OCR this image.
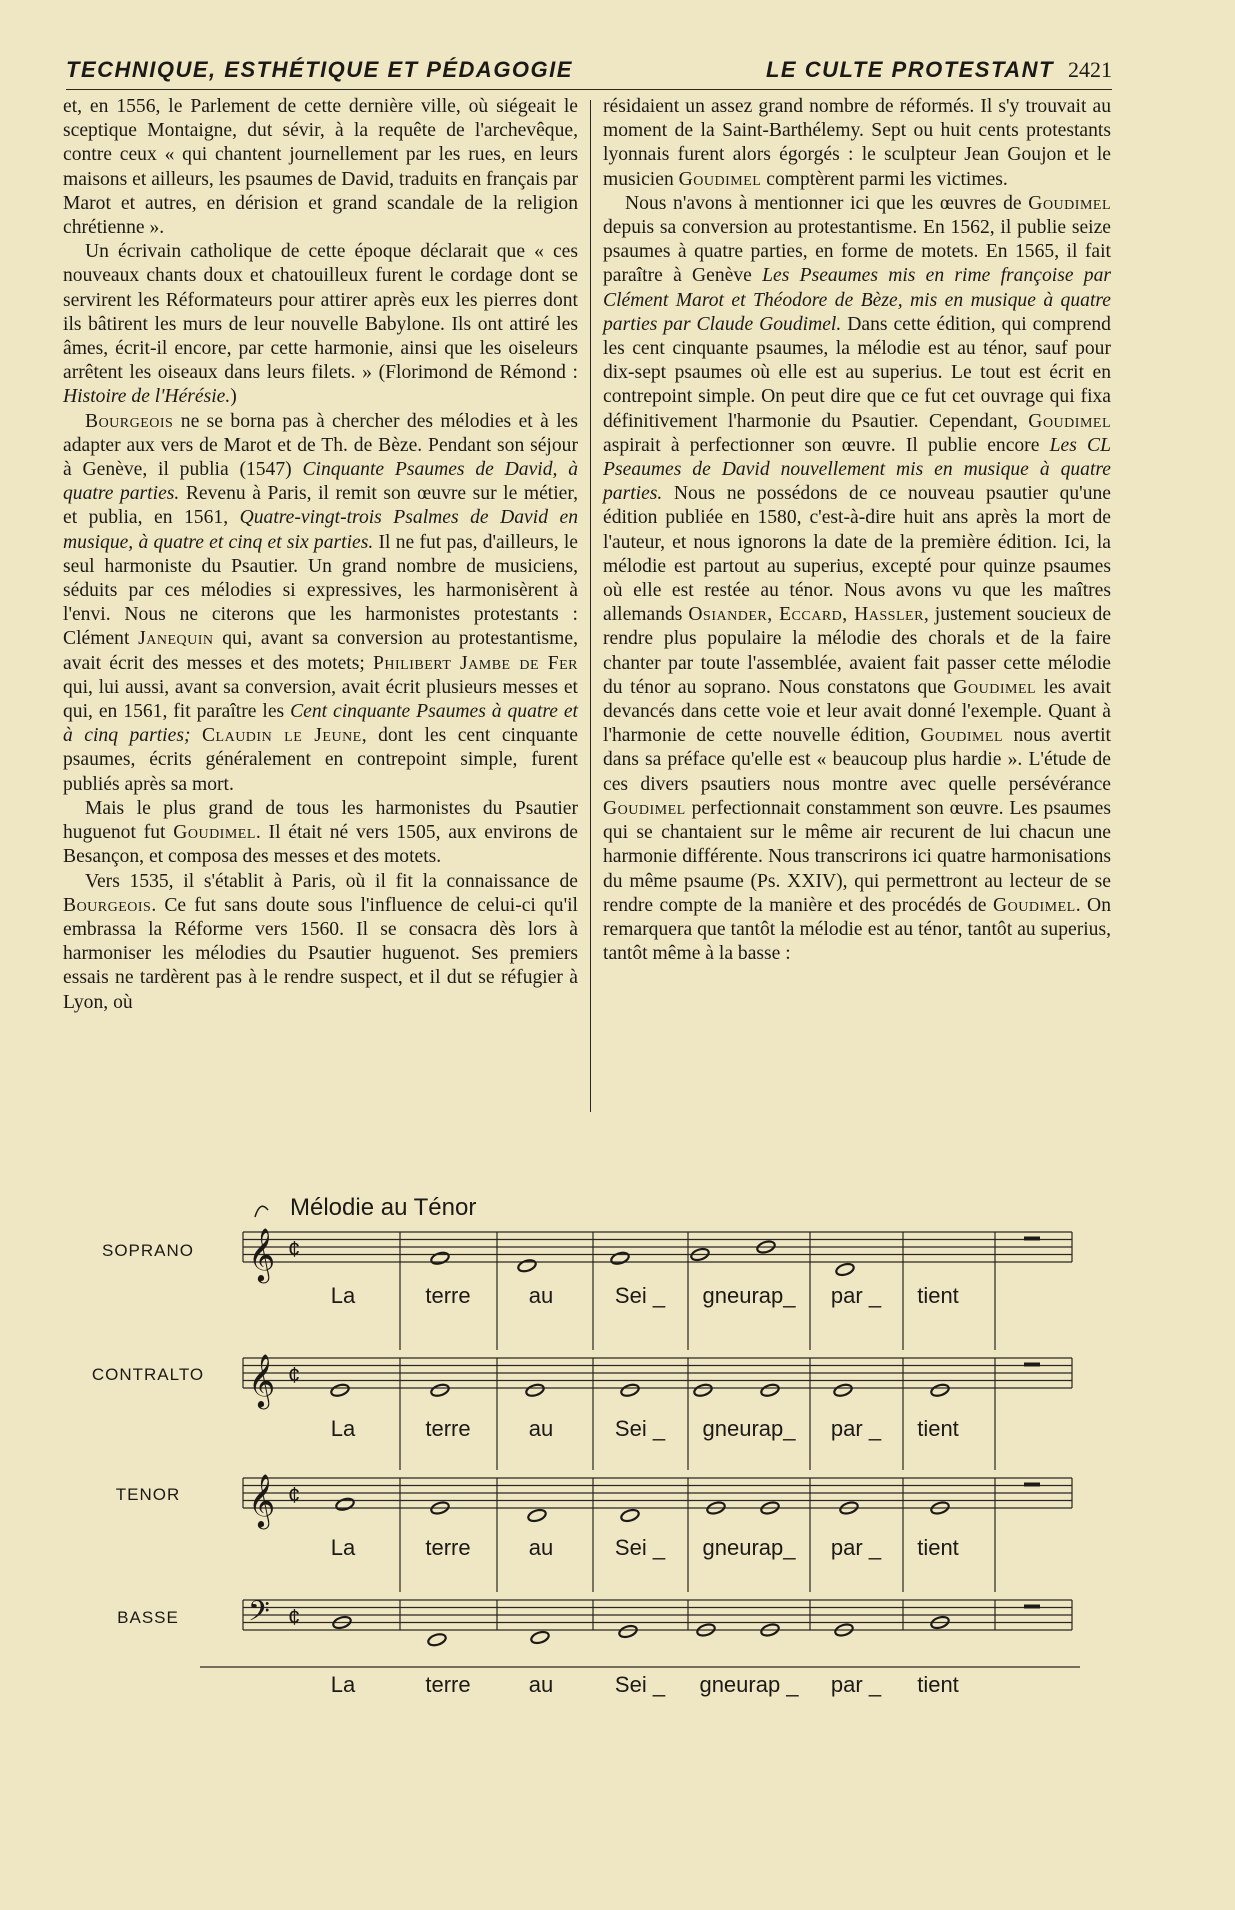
TECHNIQUE, ESTHÉTIQUE ET PÉDAGOGIE	LE CULTE PROTESTANT 2421

et, en 1556, le Parlement de cette dernière ville, où siégeait le sceptique Montaigne, dut sévir, à la requête de l'archevêque, contre ceux « qui chantent journellement par les rues, en leurs maisons et ailleurs, les psaumes de David, traduits en français par Marot et autres, en dérision et grand scandale de la religion chrétienne ».

Un écrivain catholique de cette époque déclarait que « ces nouveaux chants doux et chatouilleux furent le cordage dont se servirent les Réformateurs pour attirer après eux les pierres dont ils bâtirent les murs de leur nouvelle Babylone. Ils ont attiré les âmes, écrit-il encore, par cette harmonie, ainsi que les oiseleurs arrêtent les oiseaux dans leurs filets. » (Florimond de Rémond : Histoire de l'Hérésie.)

Bourgeois ne se borna pas à chercher des mélodies et à les adapter aux vers de Marot et de Th. de Bèze. Pendant son séjour à Genève, il publia (1547) Cinquante Psaumes de David, à quatre parties. Revenu à Paris, il remit son œuvre sur le métier, et publia, en 1561, Quatre-vingt-trois Psalmes de David en musique, à quatre et cinq et six parties. Il ne fut pas, d'ailleurs, le seul harmoniste du Psautier. Un grand nombre de musiciens, séduits par ces mélodies si expressives, les harmonisèrent à l'envi. Nous ne citerons que les harmonistes protestants : Clément Janequin qui, avant sa conversion au protestantisme, avait écrit des messes et des motets; Philibert Jambe de Fer qui, lui aussi, avant sa conversion, avait écrit plusieurs messes et qui, en 1561, fit paraître les Cent cinquante Psaumes à quatre et à cinq parties; Claudin le Jeune, dont les cent cinquante psaumes, écrits généralement en contrepoint simple, furent publiés après sa mort.

Mais le plus grand de tous les harmonistes du Psautier huguenot fut Goudimel. Il était né vers 1505, aux environs de Besançon, et composa des messes et des motets.

Vers 1535, il s'établit à Paris, où il fit la connaissance de Bourgeois. Ce fut sans doute sous l'influence de celui-ci qu'il embrassa la Réforme vers 1560. Il se consacra dès lors à harmoniser les mélodies du Psautier huguenot. Ses premiers essais ne tardèrent pas à le rendre suspect, et il dut se réfugier à Lyon, où

résidaient un assez grand nombre de réformés. Il s'y trouvait au moment de la Saint-Barthélemy. Sept ou huit cents protestants lyonnais furent alors égorgés : le sculpteur Jean Goujon et le musicien Goudimel comptèrent parmi les victimes.

Nous n'avons à mentionner ici que les œuvres de Goudimel depuis sa conversion au protestantisme. En 1562, il publie seize psaumes à quatre parties, en forme de motets. En 1565, il fait paraître à Genève Les Pseaumes mis en rime françoise par Clément Marot et Théodore de Bèze, mis en musique à quatre parties par Claude Goudimel. Dans cette édition, qui comprend les cent cinquante psaumes, la mélodie est au ténor, sauf pour dix-sept psaumes où elle est au superius. Le tout est écrit en contrepoint simple. On peut dire que ce fut cet ouvrage qui fixa définitivement l'harmonie du Psautier. Cependant, Goudimel aspirait à perfectionner son œuvre. Il publie encore Les CL Pseaumes de David nouvellement mis en musique à quatre parties. Nous ne possédons de ce nouveau psautier qu'une édition publiée en 1580, c'est-à-dire huit ans après la mort de l'auteur, et nous ignorons la date de la première édition. Ici, la mélodie est partout au superius, excepté pour quinze psaumes où elle est restée au ténor. Nous avons vu que les maîtres allemands Osiander, Eccard, Hassler, justement soucieux de rendre plus populaire la mélodie des chorals et de la faire chanter par toute l'assemblée, avaient fait passer cette mélodie du ténor au soprano. Nous constatons que Goudimel les avait devancés dans cette voie et leur avait donné l'exemple. Quant à l'harmonie de cette nouvelle édition, Goudimel nous avertit dans sa préface qu'elle est « beaucoup plus hardie ». L'étude de ces divers psautiers nous montre avec quelle persévérance Goudimel perfectionnait constamment son œuvre. Les psaumes qui se chantaient sur le même air recurent de lui chacun une harmonie différente. Nous transcrirons ici quatre harmonisations du même psaume (Ps. XXIV), qui permettront au lecteur de se rendre compte de la manière et des procédés de Goudimel. On remarquera que tantôt la mélodie est au ténor, tantôt au superius, tantôt même à la basse :

Mélodie au Ténor
SOPRANO 𝄞 ¢
La	terre	au	Sei _ gneurap_ par _ tient
CONTRALTO 𝄞 ¢
La	terre	au	Sei _ gneurap_ par _ tient
TENOR 𝄞 ¢
La	terre	au	Sei _ gneurap_ par _ tient
BASSE 𝄢 ¢
La	terre	au	Sei _ gneurap _ par _ tient
